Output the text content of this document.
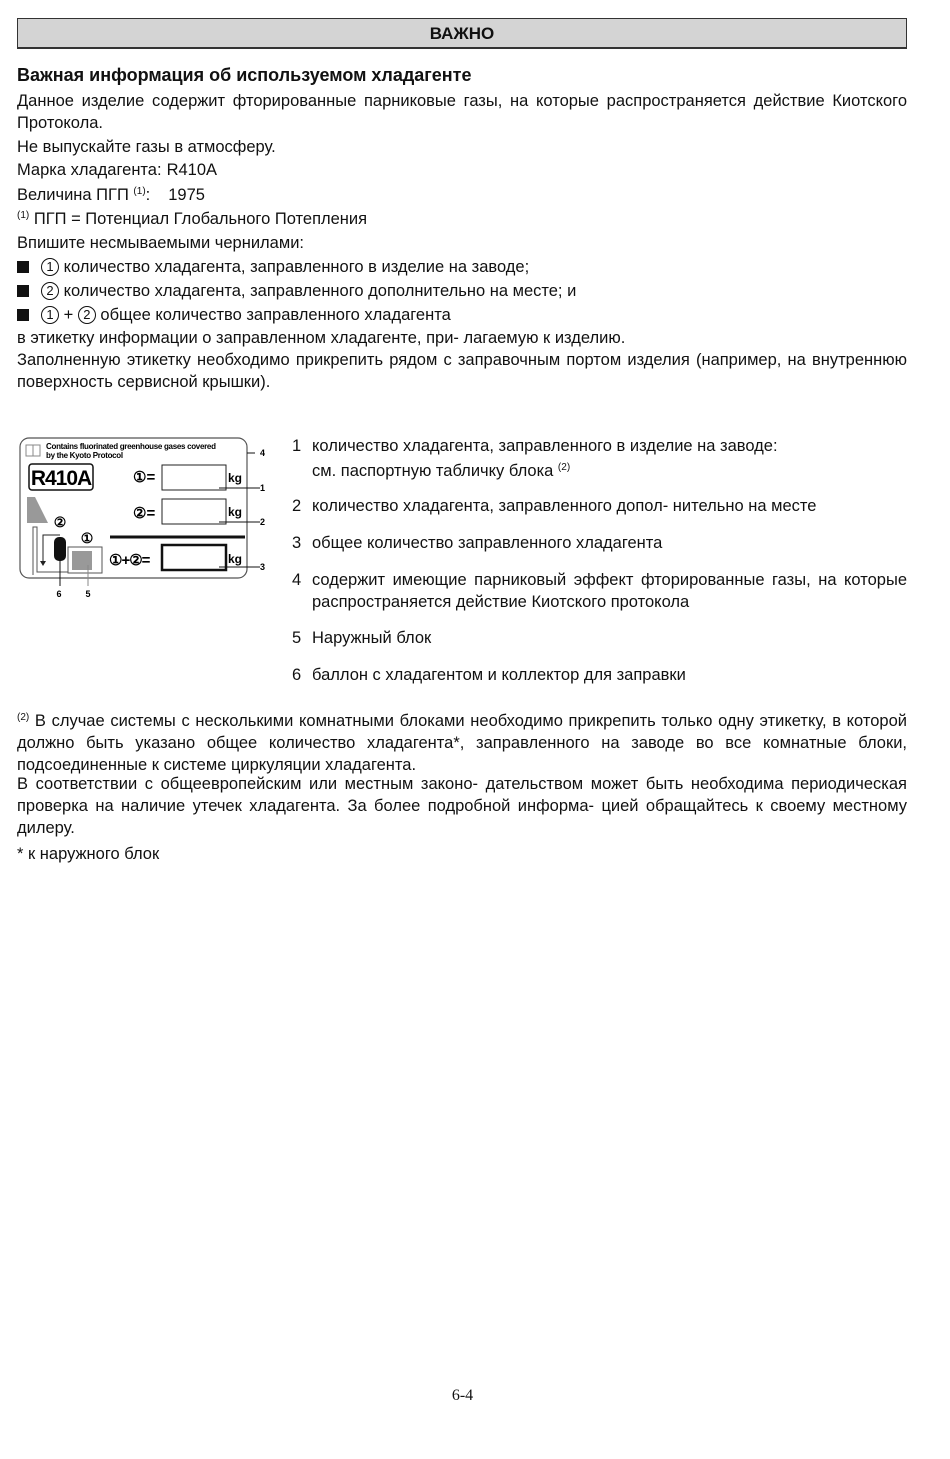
ВАЖНО
Важная информация об используемом хладагенте
Данное изделие содержит фторированные парниковые газы, на которые распространяется действие Киотского Протокола.
Не выпускайте газы в атмосферу.
Марка хладагента: R410A
Величина ПГП $^{(1)}$: 1975
$^{(1)}$ ПГП = Потенциал Глобального Потепления
Впишите несмываемыми чернилами:
1 количество хладагента, заправленного в изделие на заводе;
2 количество хладагента, заправленного дополнительно на месте; и
1 + 2 общее количество заправленного хладагента
в этикетку информации о заправленном хладагенте, при- лагаемую к изделию.
Заполненную этикетку необходимо прикрепить рядом с заправочным портом изделия (например, на внутреннюю поверхность сервисной крышки).
Contains fluorinated greenhouse gases covered
by the Kyoto Protocol
R410A	①=	kg
②=	kg
①+②=	kg
②
①
4
1
2
3
6	5
1 количество хладагента, заправленного в изделие на заводе:
см. паспортную табличку блока $^{(2)}$
2 количество хладагента, заправленного допол- нительно на месте
3 общее количество заправленного хладагента
4 содержит имеющие парниковый эффект фторированные газы, на которые распространяется действие Киотского протокола
5 Наружный блок
6 баллон с хладагентом и коллектор для заправки
$^{(2)}$ В случае системы с несколькими комнатными блоками необходимо прикрепить только одну этикетку, в которой должно быть указано общее количество хладагента*, заправленного на заводе во все комнатные блоки, подсоединенные к системе циркуляции хладагента.
В соответствии с общеевропейским или местным законо- дательством может быть необходима периодическая проверка на наличие утечек хладагента. За более подробной информа- цией обращайтесь к своему местному дилеру.
* к наружного блок
6-4
